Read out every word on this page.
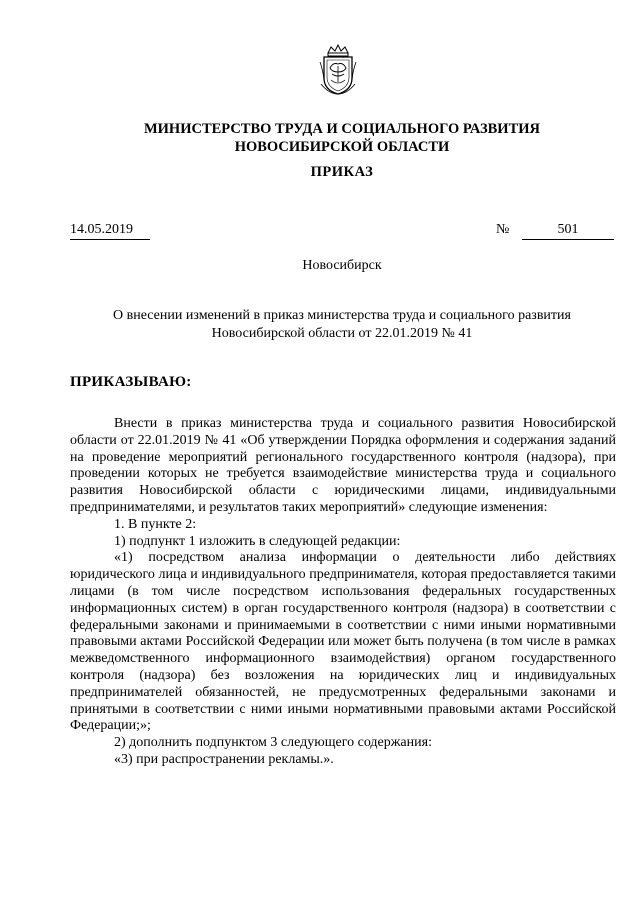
МИНИСТЕРСТВО ТРУДА И СОЦИАЛЬНОГО РАЗВИТИЯ
НОВОСИБИРСКОЙ ОБЛАСТИ
ПРИКАЗ
14.05.2019	№	501
Новосибирск
О внесении изменений в приказ министерства труда и социального развития
Новосибирской области от 22.01.2019 № 41
ПРИКАЗЫВАЮ:

Внести в приказ министерства труда и социального развития Новосибирской области от 22.01.2019 № 41 «Об утверждении Порядка оформления и содержания заданий на проведение мероприятий регионального государственного контроля (надзора), при проведении которых не требуется взаимодействие министерства труда и социального развития Новосибирской области с юридическими лицами, индивидуальными предпринимателями, и результатов таких мероприятий» следующие изменения:

1. В пункте 2:

1) подпункт 1 изложить в следующей редакции:

«1) посредством анализа информации о деятельности либо действиях юридического лица и индивидуального предпринимателя, которая предоставляется такими лицами (в том числе посредством использования федеральных государственных информационных систем) в орган государственного контроля (надзора) в соответствии с федеральными законами и принимаемыми в соответствии с ними иными нормативными правовыми актами Российской Федерации или может быть получена (в том числе в рамках межведомственного информационного взаимодействия) органом государственного контроля (надзора) без возложения на юридических лиц и индивидуальных предпринимателей обязанностей, не предусмотренных федеральными законами и принятыми в соответствии с ними иными нормативными правовыми актами Российской Федерации;»;

2) дополнить подпунктом 3 следующего содержания:

«3) при распространении рекламы.».
